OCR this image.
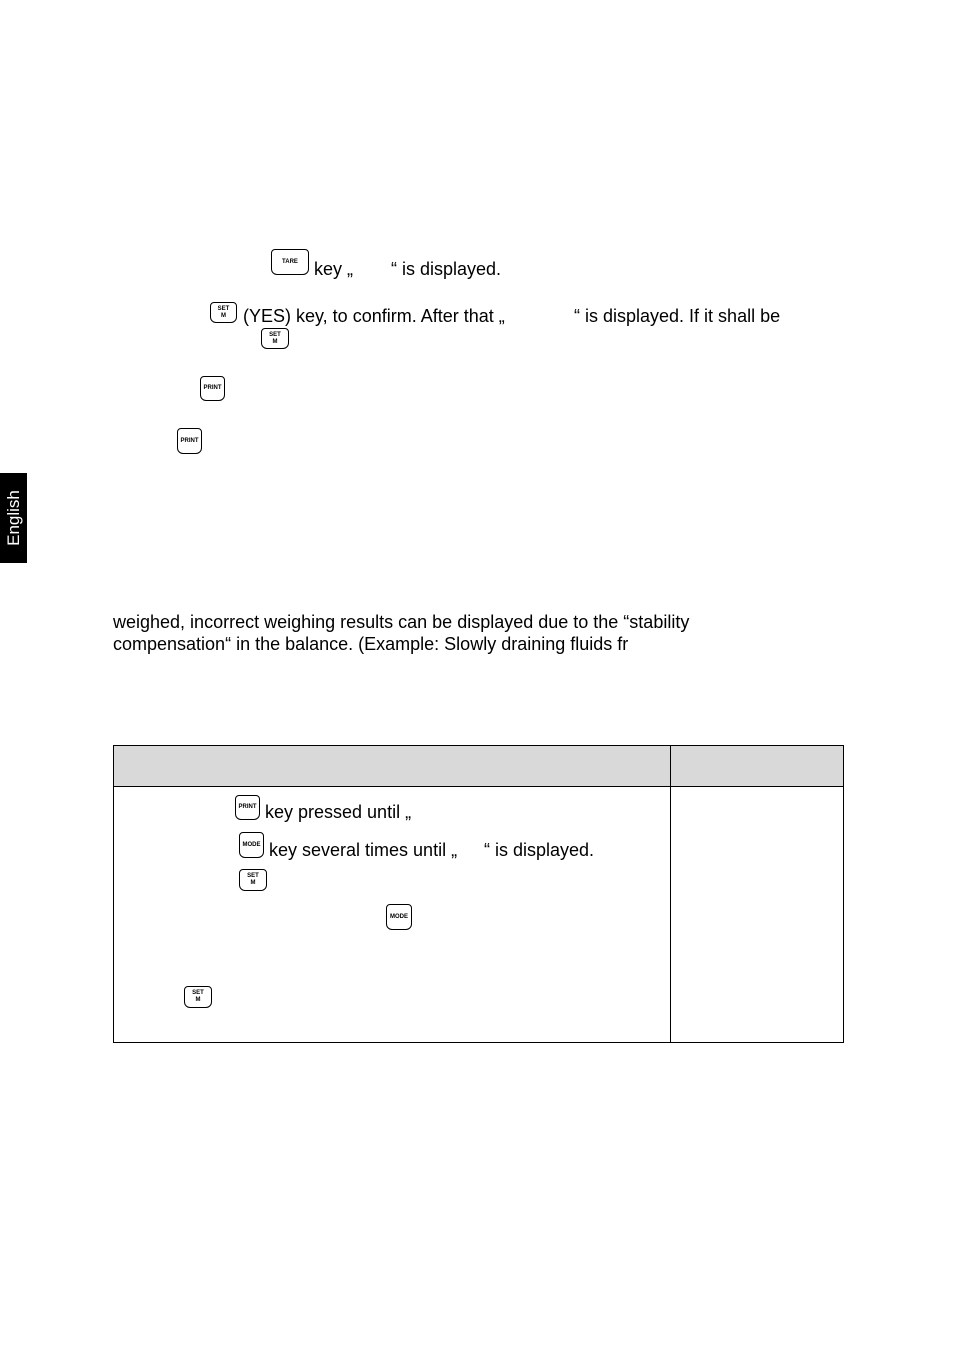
TARE key „ “ is displayed.
SET
M (YES) key, to confirm. After that „	“ is displayed. If it shall be
SET
M
PRINT
PRINT
English
weighed, incorrect weighing results can be displayed due to the “stability
compensation“ in the balance. (Example: Slowly draining fluids fr
PRINT key pressed until „
MODE key several times until „ “ is displayed.
SET
M
MODE
SET
M
